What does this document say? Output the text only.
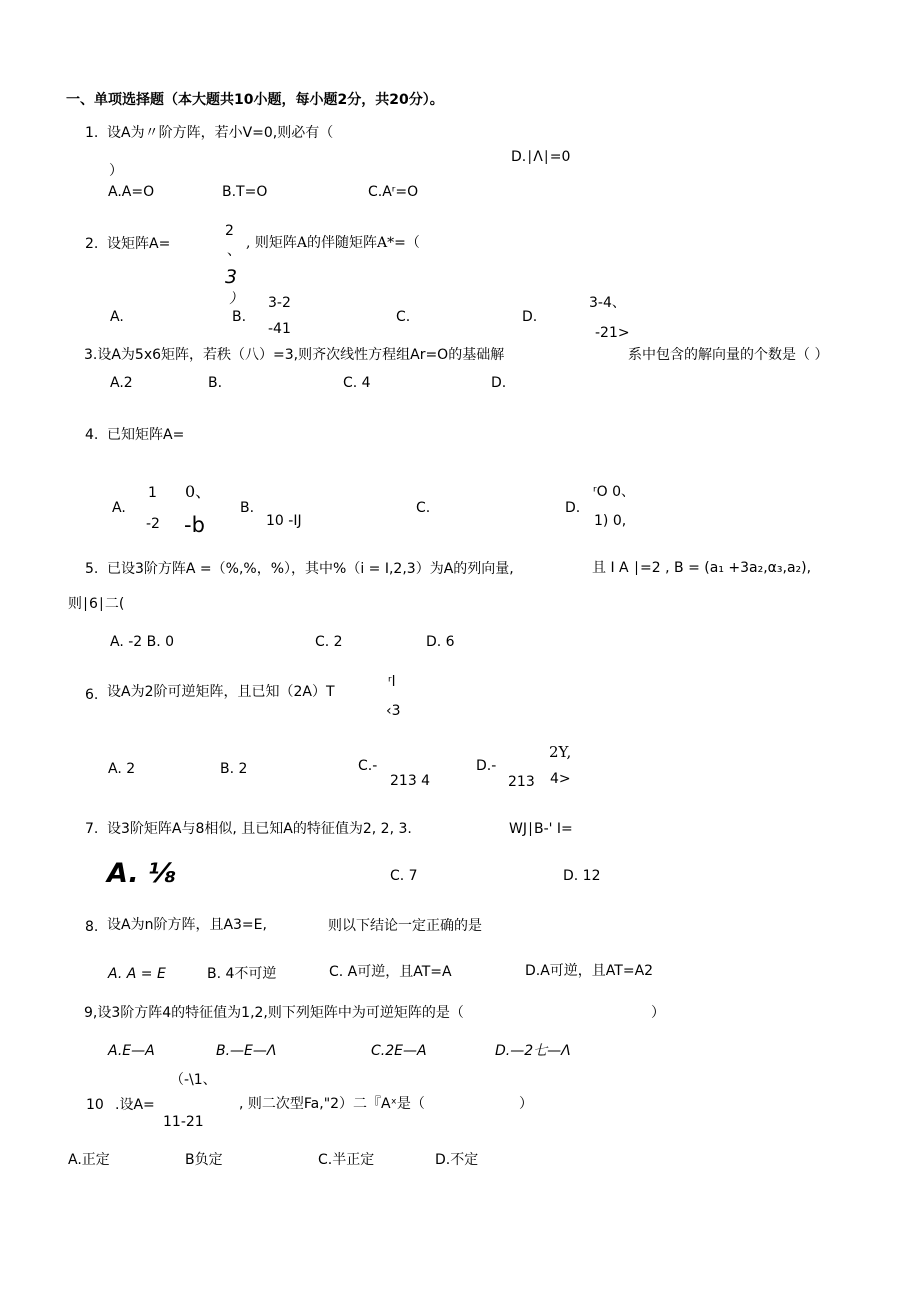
一、单项选择题（本大题共10小题，每小题2分，共20分）。
1. 设A为〃阶方阵，若小V=0,则必有（
）
D.∣Λ∣=0
A.A=O	B.T=O	C.Aʳ=O
2. 设矩阵A=
2
、
3
）
, 则矩阵A的伴随矩阵A*=（
A.	B.
3-2
-41
C.	D.
3-4、
-21>
3.设A为5x6矩阵，若秩（八）=3,则齐次线性方程组Ar=O的基础解	系中包含的解向量的个数是（ ）
A.2	B.	C. 4	D.
4. 已知矩阵A=
A.
1 0、
-2 -b
B.
10 -IJ
C.	D.
ʳO 0、
1) 0,
5. 已设3阶方阵A =（%,%，%），其中%（i = I,2,3）为A的列向量,	且 I A ∣=2 , B = (a₁ +3a₂,α₃,a₂),
则∣6∣二(
A. -2 B. 0	C. 2	D. 6
6. 设A为2阶可逆矩阵，且已知（2A）T
ʳl
‹3
A. 2	B. 2	C.-
213 4
D.-
213
2Y,
4>
7. 设3阶矩阵A与8相似, 且已知A的特征值为2, 2, 3.	WJ∣B-' I=
A. ⅛	C. 7	D. 12
8. 设A为n阶方阵，且A3=E,	则以下结论一定正确的是
A. A = E	B. 4不可逆	C. A可逆，且AT=A	D.A可逆，且AT=A2
9,设3阶方阵4的特征值为1,2,则下列矩阵中为可逆矩阵的是（	）
A.E—A	B.—E—Λ	C.2E—A	D.—2七—Λ
10 .设A=
（-\1、
11-21
, 则二次型Fa,"2）二『Aˣ是（	）
A.正定	B负定	C.半正定	D.不定
